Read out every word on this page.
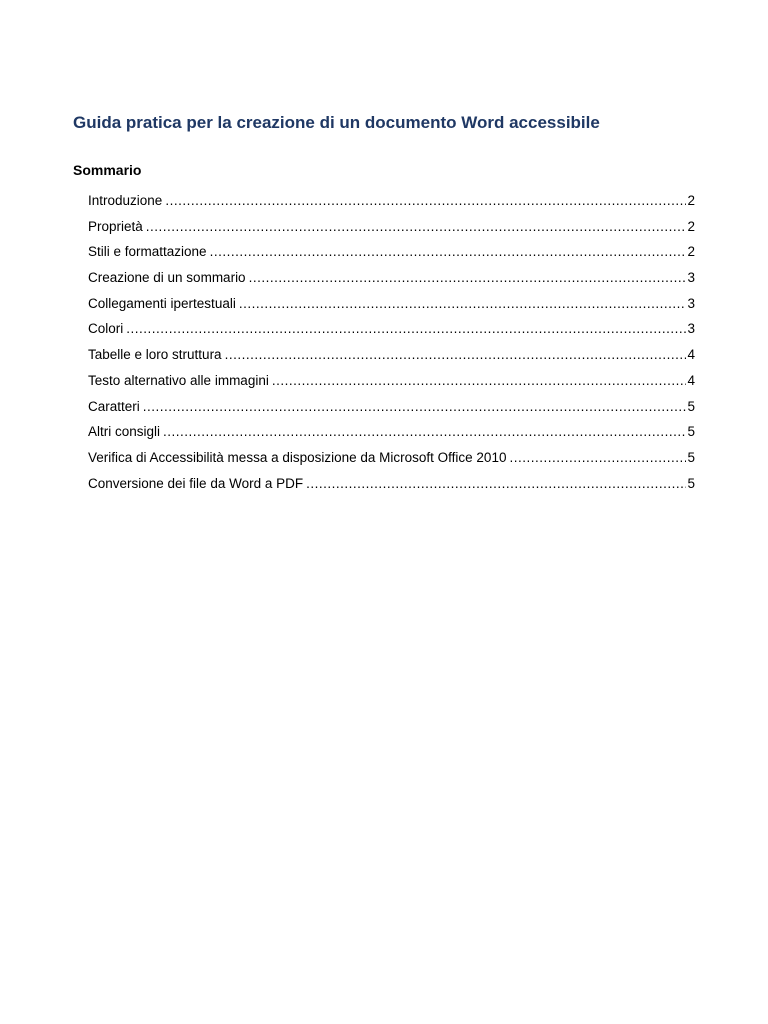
Guida pratica per la creazione di un documento Word accessibile
Sommario
Introduzione .....	2
Proprietà .....	2
Stili e formattazione .....	2
Creazione di un sommario .....	3
Collegamenti ipertestuali .....	3
Colori .....	3
Tabelle e loro struttura .....	4
Testo alternativo alle immagini .....	4
Caratteri .....	5
Altri consigli .....	5
Verifica di Accessibilità messa a disposizione da Microsoft Office 2010 .....	5
Conversione dei file da Word a PDF .....	5
